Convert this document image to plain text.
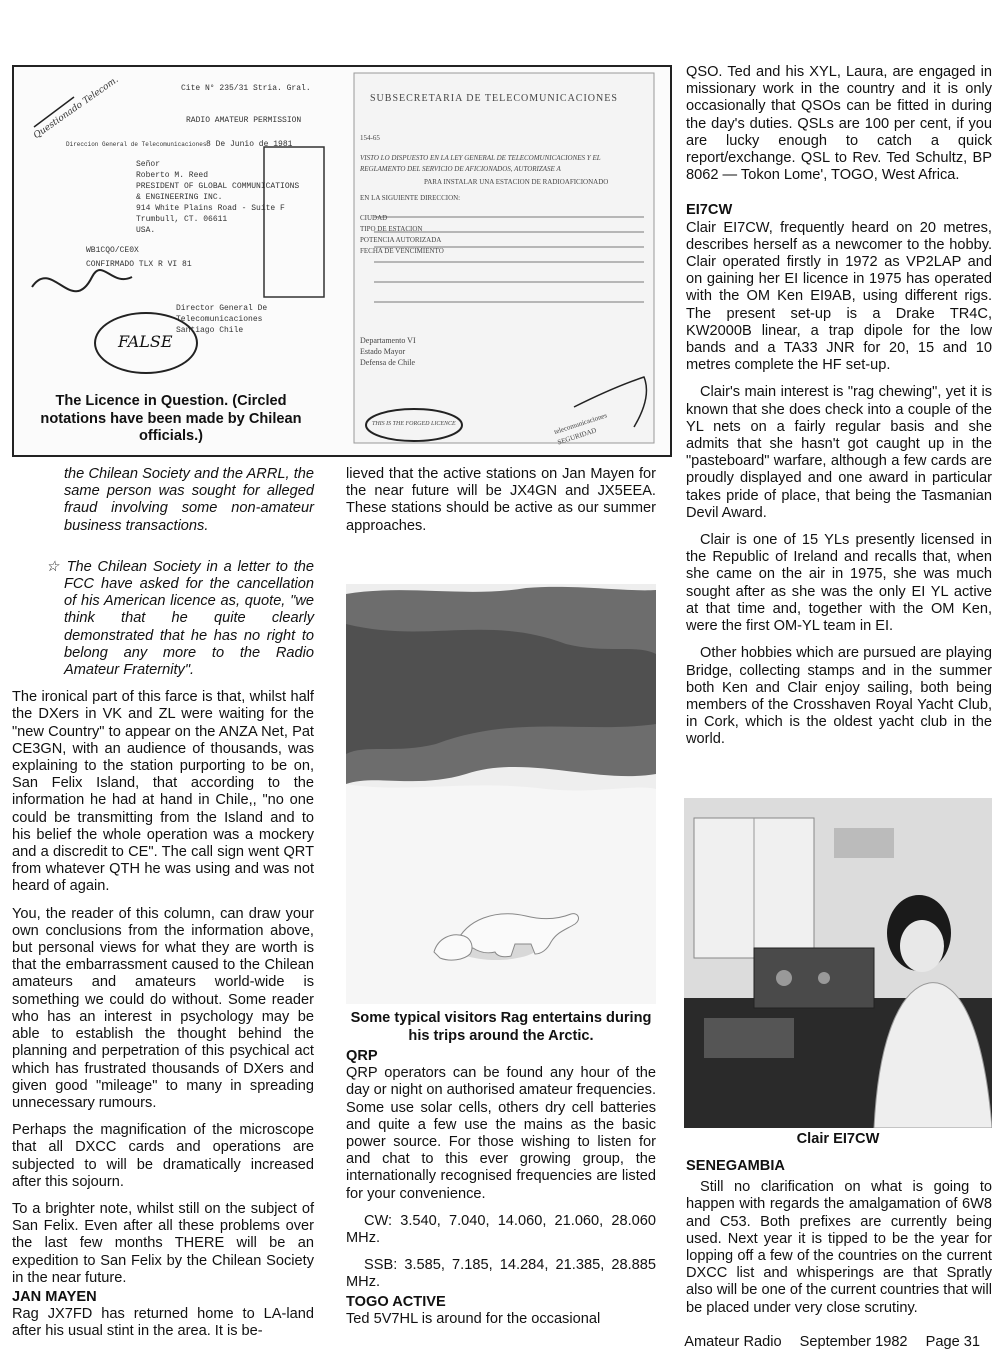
Questionado Telecom.	Cite N° 235/31 Stria. Gral.
RADIO AMATEUR PERMISSION
8 De Junio de 1981
Direccion General de Telecomunicaciones
Señor
Roberto M. Reed
PRESIDENT OF GLOBAL COMMUNICATIONS
& ENGINEERING INC.
914 White Plains Road - Suite F
Trumbull, CT. 06611
USA.
WB1CQO/CE0X
CONFIRMADO TLX R VI 81
Director General De Telecomunicaciones
Santiago Chile
SUBSECRETARIA DE TELECOMUNICACIONES
154-65
VISTO LO DISPUESTO EN LA LEY GENERAL DE TELECOMUNICACIONES Y EL REGLAMENTO DEL SERVICIO DE AFICIONADOS, AUTORIZASE A
PARA INSTALAR UNA ESTACION DE RADIOAFICIONADO
EN LA SIGUIENTE DIRECCION:
CIUDAD
TIPO DE ESTACION
POTENCIA AUTORIZADA
FECHA DE VENCIMIENTO
Departamento VI
Estado Mayor
Defensa de Chile
THIS IS THE FORGED LICENCE	telecomunicaciones SEGURIDAD
FALSE
The Licence in Question. (Circled notations have been made by Chilean officials.)

the Chilean Society and the ARRL, the same person was sought for alleged fraud involving some non-amateur business transactions.

☆ The Chilean Society in a letter to the FCC have asked for the cancellation of his American licence as, quote, "we think that he quite clearly demonstrated that he has no right to belong any more to the Radio Amateur Fraternity".

The ironical part of this farce is that, whilst half the DXers in VK and ZL were waiting for the "new Country" to appear on the ANZA Net, Pat CE3GN, with an audience of thousands, was explaining to the station purporting to be on, San Felix Island, that according to the information he had at hand in Chile,, "no one could be transmitting from the Island and to his belief the whole operation was a mockery and a discredit to CE". The call sign went QRT from whatever QTH he was using and was not heard of again.

You, the reader of this column, can draw your own conclusions from the information above, but personal views for what they are worth is that the embarrassment caused to the Chilean amateurs and amateurs world-wide is something we could do without. Some reader who has an interest in psychology may be able to establish the thought behind the planning and perpetration of this psychical act which has frustrated thousands of DXers and given good "mileage" to many in spreading unnecessary rumours.

Perhaps the magnification of the microscope that all DXCC cards and operations are subjected to will be dramatically increased after this sojourn.

To a brighter note, whilst still on the subject of San Felix. Even after all these problems over the last few months THERE will be an expedition to San Felix by the Chilean Society in the near future.

JAN MAYEN

Rag JX7FD has returned home to LA-land after his usual stint in the area. It is be-

lieved that the active stations on Jan Mayen for the near future will be JX4GN and JX5EEA. These stations should be active as our summer approaches.

Some typical visitors Rag entertains during his trips around the Arctic.
QRP

QRP operators can be found any hour of the day or night on authorised amateur frequencies. Some use solar cells, others dry cell batteries and quite a few use the mains as the basic power source. For those wishing to listen for and chat to this ever growing group, the internationally recognised frequencies are listed for your convenience.

CW: 3.540, 7.040, 14.060, 21.060, 28.060 MHz.

SSB: 3.585, 7.185, 14.284, 21.385, 28.885 MHz.

TOGO ACTIVE

Ted 5V7HL is around for the occasional

QSO. Ted and his XYL, Laura, are engaged in missionary work in the country and it is only occasionally that QSOs can be fitted in during the day's duties. QSLs are 100 per cent, if you are lucky enough to catch a quick report/exchange. QSL to Rev. Ted Schultz, BP 8062 — Tokon Lome', TOGO, West Africa.

EI7CW

Clair EI7CW, frequently heard on 20 metres, describes herself as a newcomer to the hobby. Clair operated firstly in 1972 as VP2LAP and on gaining her EI licence in 1975 has operated with the OM Ken EI9AB, using different rigs. The present set-up is a Drake TR4C, KW2000B linear, a trap dipole for the low bands and a TA33 JNR for 20, 15 and 10 metres complete the HF set-up.

Clair's main interest is "rag chewing", yet it is known that she does check into a couple of the YL nets on a fairly regular basis and she admits that she hasn't got caught up in the "pasteboard" warfare, although a few cards are proudly displayed and one award in particular takes pride of place, that being the Tasmanian Devil Award.

Clair is one of 15 YLs presently licensed in the Republic of Ireland and recalls that, when she came on the air in 1975, she was much sought after as she was the only EI YL active at that time and, together with the OM Ken, were the first OM-YL team in EI.

Other hobbies which are pursued are playing Bridge, collecting stamps and in the summer both Ken and Clair enjoy sailing, both being members of the Crosshaven Royal Yacht Club, in Cork, which is the oldest yacht club in the world.

Clair EI7CW
SENEGAMBIA

Still no clarification on what is going to happen with regards the amalgamation of 6W8 and C53. Both prefixes are currently being used. Next year it is tipped to be the year for lopping off a few of the countries on the current DXCC list and whisperings are that Spratly also will be one of the current countries that will be placed under very close scrutiny.

Amateur Radio September 1982 Page 31
